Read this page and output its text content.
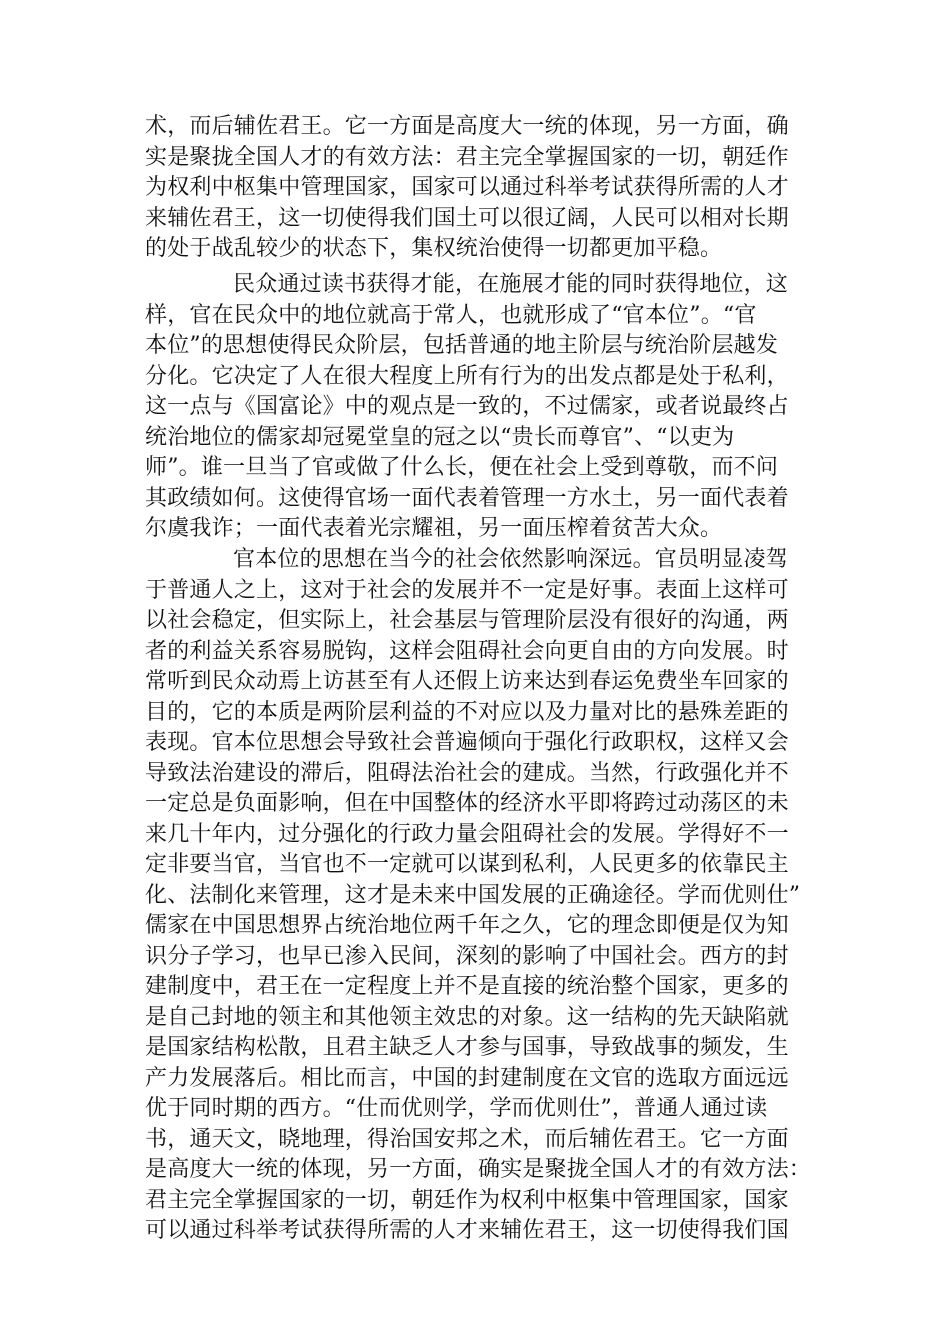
术，而后辅佐君王。它一方面是高度大一统的体现，另一方面，确
实是聚拢全国人才的有效方法：君主完全掌握国家的一切，朝廷作
为权利中枢集中管理国家，国家可以通过科举考试获得所需的人才
来辅佐君王，这一切使得我们国土可以很辽阔，人民可以相对长期
的处于战乱较少的状态下，集权统治使得一切都更加平稳。
民众通过读书获得才能，在施展才能的同时获得地位，这
样，官在民众中的地位就高于常人，也就形成了“官本位”。“官
本位”的思想使得民众阶层，包括普通的地主阶层与统治阶层越发
分化。它决定了人在很大程度上所有行为的出发点都是处于私利，
这一点与《国富论》中的观点是一致的，不过儒家，或者说最终占
统治地位的儒家却冠冕堂皇的冠之以“贵长而尊官”、“以吏为
师”。谁一旦当了官或做了什么长，便在社会上受到尊敬，而不问
其政绩如何。这使得官场一面代表着管理一方水土，另一面代表着
尔虞我诈；一面代表着光宗耀祖，另一面压榨着贫苦大众。
官本位的思想在当今的社会依然影响深远。官员明显凌驾
于普通人之上，这对于社会的发展并不一定是好事。表面上这样可
以社会稳定，但实际上，社会基层与管理阶层没有很好的沟通，两
者的利益关系容易脱钩，这样会阻碍社会向更自由的方向发展。时
常听到民众动焉上访甚至有人还假上访来达到春运免费坐车回家的
目的，它的本质是两阶层利益的不对应以及力量对比的悬殊差距的
表现。官本位思想会导致社会普遍倾向于强化行政职权，这样又会
导致法治建设的滞后，阻碍法治社会的建成。当然，行政强化并不
一定总是负面影响，但在中国整体的经济水平即将跨过动荡区的未
来几十年内，过分强化的行政力量会阻碍社会的发展。学得好不一
定非要当官，当官也不一定就可以谋到私利，人民更多的依靠民主
化、法制化来管理，这才是未来中国发展的正确途径。学而优则仕”
儒家在中国思想界占统治地位两千年之久，它的理念即便是仅为知
识分子学习，也早已渗入民间，深刻的影响了中国社会。西方的封
建制度中，君王在一定程度上并不是直接的统治整个国家，更多的
是自己封地的领主和其他领主效忠的对象。这一结构的先天缺陷就
是国家结构松散，且君主缺乏人才参与国事，导致战事的频发，生
产力发展落后。相比而言，中国的封建制度在文官的选取方面远远
优于同时期的西方。“仕而优则学，学而优则仕”，普通人通过读
书，通天文，晓地理，得治国安邦之术，而后辅佐君王。它一方面
是高度大一统的体现，另一方面，确实是聚拢全国人才的有效方法：
君主完全掌握国家的一切，朝廷作为权利中枢集中管理国家，国家
可以通过科举考试获得所需的人才来辅佐君王，这一切使得我们国
